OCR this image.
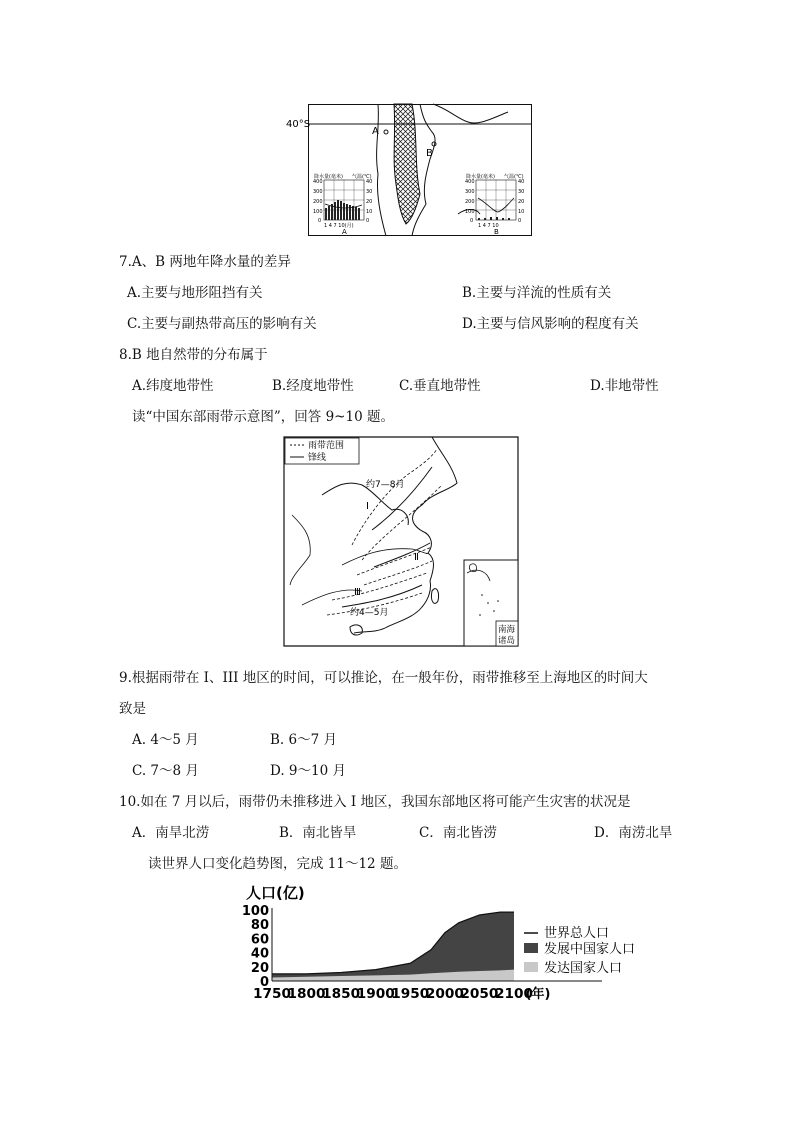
40°S
A
B
降水量(毫米) 气温(℃)
400
300
200
100
0
40
30
20
10
0
1 4 7 10(月)
A
降水量(毫米) 气温(℃)
400
300
200
100
0
40
30
20
10
0
1 4 7 10
B
7.A、B 两地年降水量的差异
A.主要与地形阻挡有关	B.主要与洋流的性质有关
C.主要与副热带高压的影响有关	D.主要与信风影响的程度有关
8.B 地自然带的分布属于
A.纬度地带性	B.经度地带性	C.垂直地带性	D.非地带性
读“中国东部雨带示意图”，回答 9~10 题。
雨带范围
锋线
约7—8月
Ⅰ
Ⅱ
Ⅲ
约4—5月
南海
诸岛
9.根据雨带在 I、III 地区的时间，可以推论，在一般年份，雨带推移至上海地区的时间大
致是
A. 4～5 月	B. 6～7 月
C. 7～8 月	D. 9～10 月
10.如在 7 月以后，雨带仍未推移进入 I 地区，我国东部地区将可能产生灾害的状况是
A．南旱北涝	B．南北皆旱	C．南北皆涝	D．南涝北旱
读世界人口变化趋势图，完成 11～12 题。
100
80
60
40
20
0
1750
1800
1850
1900
1950
2000
2050
2100
(年)
人口(亿)
世界总人口
发展中国家人口
发达国家人口
